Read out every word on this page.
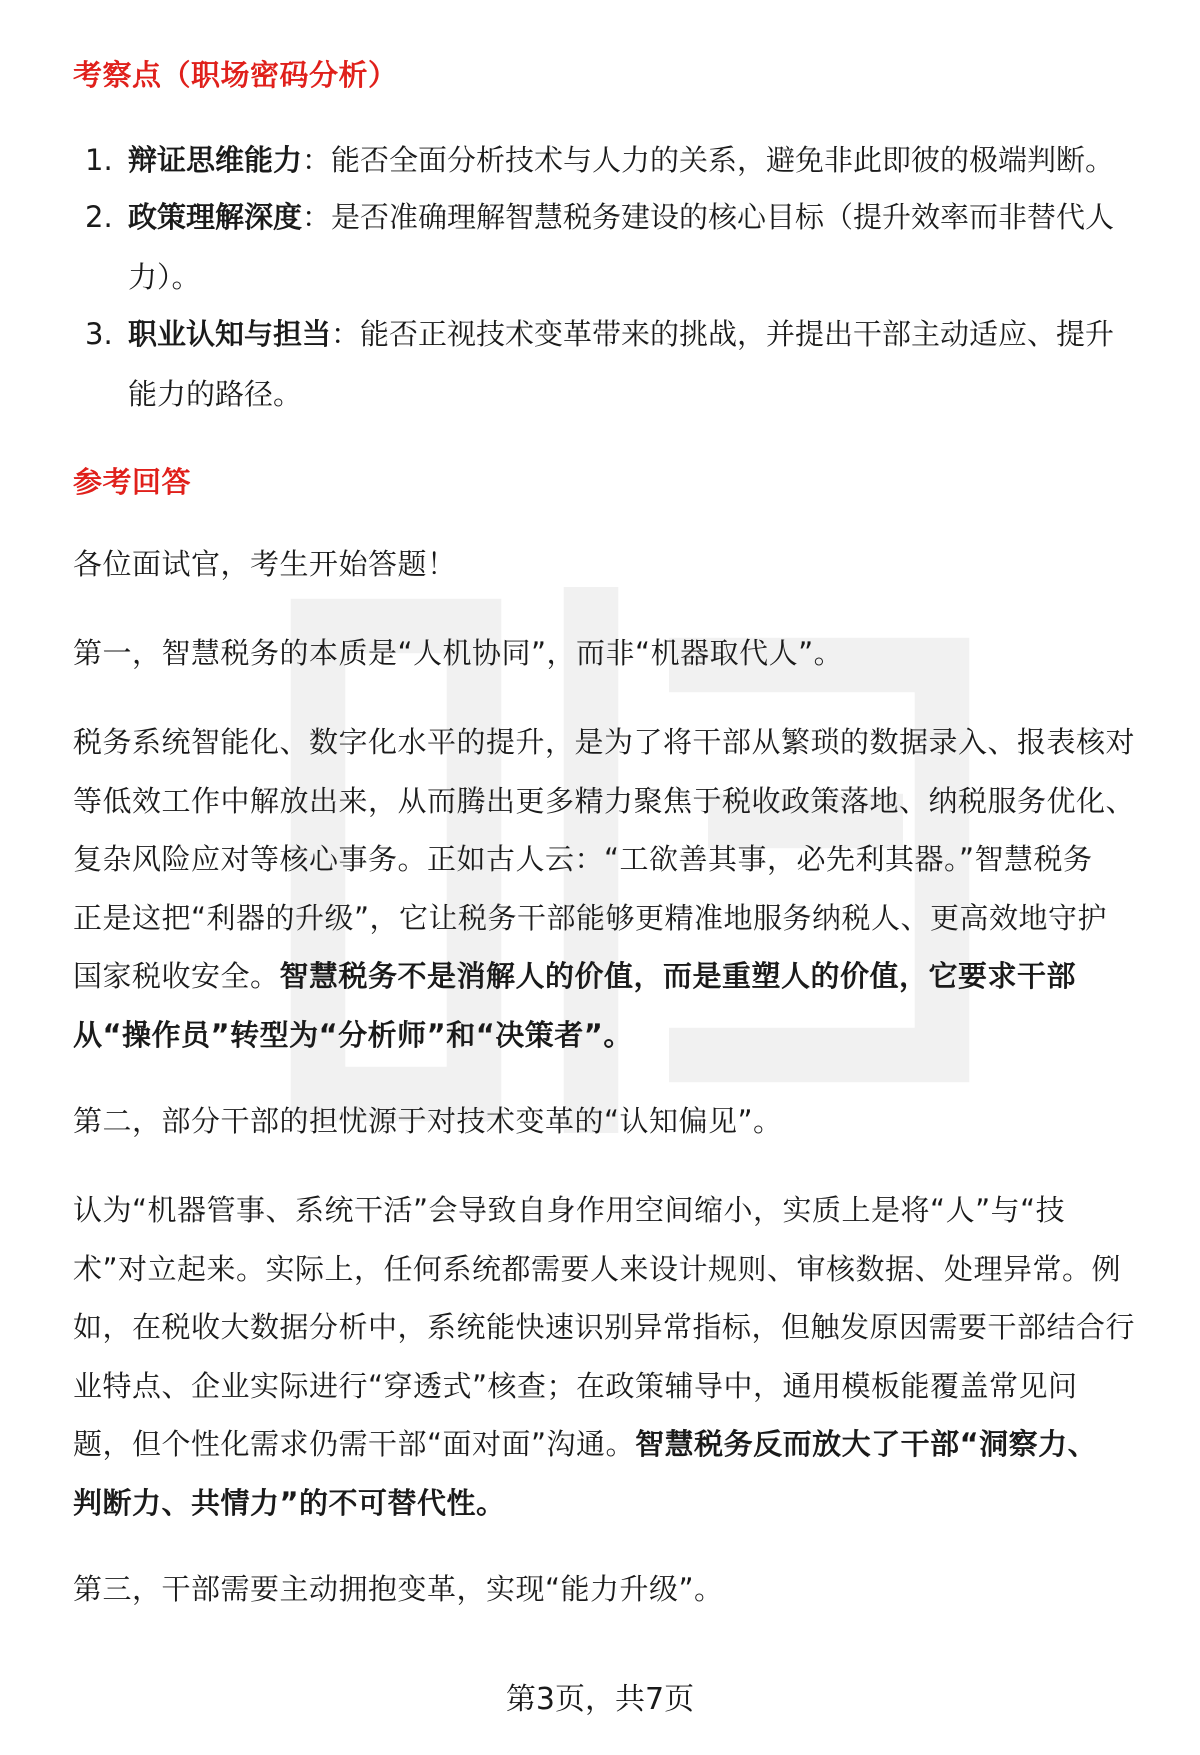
考察点（职场密码分析）
1. 辩证思维能力：能否全面分析技术与人力的关系，避免非此即彼的极端判断。
2. 政策理解深度：是否准确理解智慧税务建设的核心目标（提升效率而非替代人
力）。
3. 职业认知与担当：能否正视技术变革带来的挑战，并提出干部主动适应、提升
能力的路径。
参考回答

各位面试官，考生开始答题！

第一，智慧税务的本质是“人机协同”，而非“机器取代人”。

税务系统智能化、数字化水平的提升，是为了将干部从繁琐的数据录入、报表核对
等低效工作中解放出来，从而腾出更多精力聚焦于税收政策落地、纳税服务优化、
复杂风险应对等核心事务。正如古人云：“工欲善其事，必先利其器。”智慧税务
正是这把“利器的升级”，它让税务干部能够更精准地服务纳税人、更高效地守护
国家税收安全。智慧税务不是消解人的价值，而是重塑人的价值，它要求干部
从“操作员”转型为“分析师”和“决策者”。

第二，部分干部的担忧源于对技术变革的“认知偏见”。

认为“机器管事、系统干活”会导致自身作用空间缩小，实质上是将“人”与“技
术”对立起来。实际上，任何系统都需要人来设计规则、审核数据、处理异常。例
如，在税收大数据分析中，系统能快速识别异常指标，但触发原因需要干部结合行
业特点、企业实际进行“穿透式”核查；在政策辅导中，通用模板能覆盖常见问
题，但个性化需求仍需干部“面对面”沟通。智慧税务反而放大了干部“洞察力、
判断力、共情力”的不可替代性。

第三，干部需要主动拥抱变革，实现“能力升级”。

第3页，共7页
